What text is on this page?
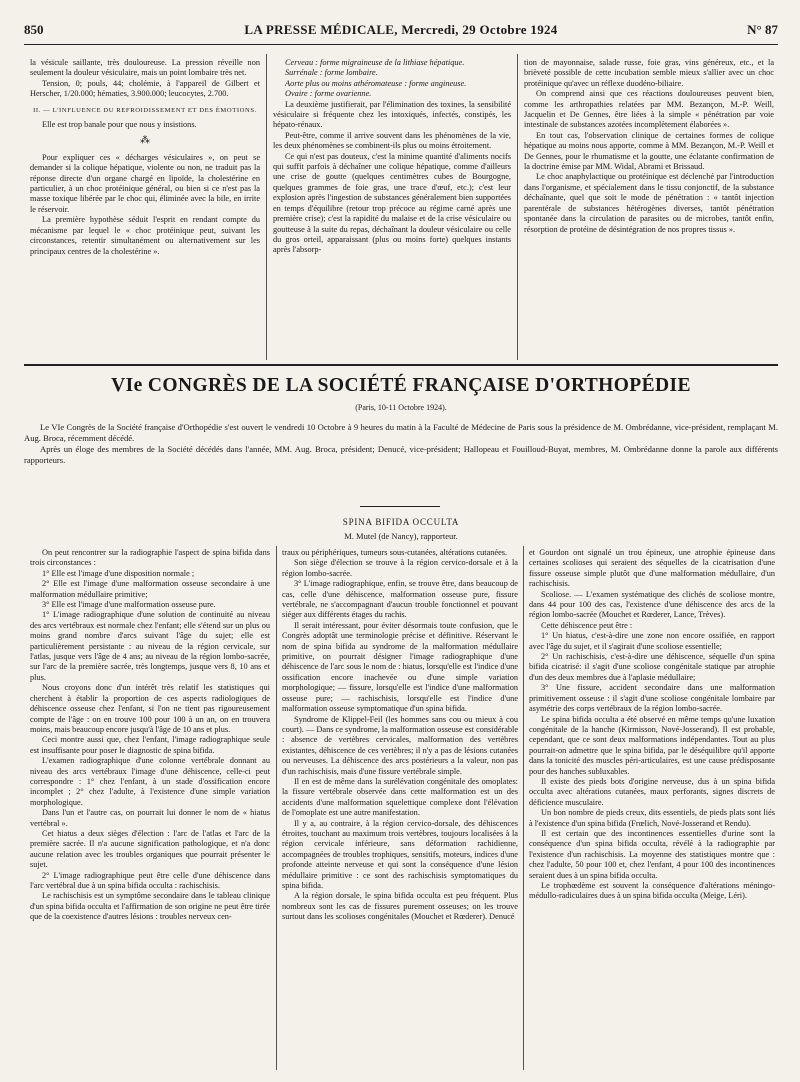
850	LA PRESSE MÉDICALE, Mercredi, 29 Octobre 1924	N° 87

la vésicule saillante, très douloureuse. La pression réveille non seulement la douleur vésiculaire, mais un point lombaire très net.

Tension, 0; pouls, 44; cholémie, à l'appareil de Gilbert et Herscher, 1/20.000; hématies, 3.900.000; leucocytes, 2.700.

II. — L'INFLUENCE DU REFROIDISSEMENT ET DES ÉMOTIONS.

Elle est trop banale pour que nous y insistions.

⁂

Pour expliquer ces « décharges vésiculaires », on peut se demander si la colique hépatique, violente ou non, ne traduit pas la réponse directe d'un organe chargé en lipoïde, la cholestérine en particulier, à un choc protéinique général, ou bien si ce n'est pas la masse toxique libérée par le choc qui, éliminée avec la bile, en irrite le réservoir.

La première hypothèse séduit l'esprit en rendant compte du mécanisme par lequel le « choc protéinique peut, suivant les circonstances, retentir simultanément ou alternativement sur les principaux centres de la cholestérine ».

Cerveau : forme migraineuse de la lithiase hépatique.

Surrénale : forme lombaire.

Aorte plus ou moins athéromateuse : forme angineuse.

Ovaire : forme ovarienne.

La deuxième justifierait, par l'élimination des toxines, la sensibilité vésiculaire si fréquente chez les intoxiqués, infectés, constipés, les hépato-rénaux.

Peut-être, comme il arrive souvent dans les phénomènes de la vie, les deux phénomènes se combinent-ils plus ou moins étroitement.

Ce qui n'est pas douteux, c'est la minime quantité d'aliments nocifs qui suffit parfois à déchaîner une colique hépatique, comme d'ailleurs une crise de goutte (quelques centimètres cubes de Bourgogne, quelques grammes de foie gras, une trace d'œuf, etc.); c'est leur explosion après l'ingestion de substances généralement bien supportées en temps d'équilibre (retour trop précoce au régime carné après une première crise); c'est la rapidité du malaise et de la crise vésiculaire ou goutteuse à la suite du repas, déchaînant la douleur vésiculaire ou celle du gros orteil, apparaissant (plus ou moins forte) quelques instants après l'absorp-

tion de mayonnaise, salade russe, foie gras, vins généreux, etc., et la brièveté possible de cette incubation semble mieux s'allier avec un choc protéinique qu'avec un réflexe duodéno-biliaire.

On comprend ainsi que ces réactions douloureuses peuvent bien, comme les arthropathies relatées par MM. Bezançon, M.-P. Weill, Jacquelin et De Gennes, être liées à la simple « pénétration par voie intestinale de substances azotées incomplètement élaborées ».

En tout cas, l'observation clinique de certaines formes de colique hépatique au moins nous apporte, comme à MM. Bezançon, M.-P. Weill et De Gennes, pour le rhumatisme et la goutte, une éclatante confirmation de la doctrine émise par MM. Widal, Abrami et Brissaud.

Le choc anaphylactique ou protéinique est déclenché par l'introduction dans l'organisme, et spécialement dans le tissu conjonctif, de la substance déchaînante, quel que soit le mode de pénétration : « tantôt injection parentérale de substances hétérogènes diverses, tantôt pénétration spontanée dans la circulation de parasites ou de microbes, tantôt enfin, résorption de protéine de désintégration de nos propres tissus ».

VIe CONGRÈS DE LA SOCIÉTÉ FRANÇAISE D'ORTHOPÉDIE
(Paris, 10-11 Octobre 1924).

Le VIe Congrès de la Société française d'Orthopédie s'est ouvert le vendredi 10 Octobre à 9 heures du matin à la Faculté de Médecine de Paris sous la présidence de M. Ombrédanne, vice-président, remplaçant M. Aug. Broca, récemment décédé.

Après un éloge des membres de la Société décédés dans l'année, MM. Aug. Broca, président; Denucé, vice-président; Hallopeau et Fouilloud-Buyat, membres, M. Ombrédanne donne la parole aux différents rapporteurs.

SPINA BIFIDA OCCULTA
M. Mutel (de Nancy), rapporteur.

On peut rencontrer sur la radiographie l'aspect de spina bifida dans trois circonstances :

1° Elle est l'image d'une disposition normale ;

2° Elle est l'image d'une malformation osseuse secondaire à une malformation médullaire primitive;

3° Elle est l'image d'une malformation osseuse pure.

1° L'image radiographique d'une solution de continuité au niveau des arcs vertébraux est normale chez l'enfant; elle s'étend sur un plus ou moins grand nombre d'arcs suivant l'âge du sujet; elle est particulièrement persistante : au niveau de la région cervicale, sur l'atlas, jusque vers l'âge de 4 ans; au niveau de la région lombo-sacrée, sur l'arc de la première sacrée, très longtemps, jusque vers 8, 10 ans et plus.

Nous croyons donc d'un intérêt très relatif les statistiques qui cherchent à établir la proportion de ces aspects radiologiques de déhiscence osseuse chez l'enfant, si l'on ne tient pas rigoureusement compte de l'âge : on en trouve 100 pour 100 à un an, on en trouvera moins, mais beaucoup encore jusqu'à l'âge de 10 ans et plus.

Ceci montre aussi que, chez l'enfant, l'image radiographique seule est insuffisante pour poser le diagnostic de spina bifida.

L'examen radiographique d'une colonne vertébrale donnant au niveau des arcs vertébraux l'image d'une déhiscence, celle-ci peut correspondre : 1° chez l'enfant, à un stade d'ossification encore incomplet ; 2° chez l'adulte, à l'existence d'une simple variation morphologique.

Dans l'un et l'autre cas, on pourrait lui donner le nom de « hiatus vertébral ».

Cet hiatus a deux sièges d'élection : l'arc de l'atlas et l'arc de la première sacrée. Il n'a aucune signification pathologique, et n'a donc aucune relation avec les troubles organiques que pourrait présenter le sujet.

2° L'image radiographique peut être celle d'une déhiscence dans l'arc vertébral due à un spina bifida occulta : rachischisis.

Le rachischisis est un symptôme secondaire dans le tableau clinique d'un spina bifida occulta et l'affirmation de son origine ne peut être tirée que de la coexistence d'autres lésions : troubles nerveux cen-

traux ou périphériques, tumeurs sous-cutanées, altérations cutanées.

Son siège d'élection se trouve à la région cervico-dorsale et à la région lombo-sacrée.

3° L'image radiographique, enfin, se trouve être, dans beaucoup de cas, celle d'une déhiscence, malformation osseuse pure, fissure vertébrale, ne s'accompagnant d'aucun trouble fonctionnel et pouvant siéger aux différents étages du rachis.

Il serait intéressant, pour éviter désormais toute confusion, que le Congrès adoptât une terminologie précise et définitive. Réservant le nom de spina bifida au syndrome de la malformation médullaire primitive, on pourrait désigner l'image radiographique d'une déhiscence de l'arc sous le nom de : hiatus, lorsqu'elle est l'indice d'une ossification encore inachevée ou d'une simple variation morphologique; — fissure, lorsqu'elle est l'indice d'une malformation osseuse pure; — rachischisis, lorsqu'elle est l'indice d'une malformation osseuse symptomatique d'un spina bifida.

Syndrome de Klippel-Feil (les hommes sans cou ou mieux à cou court). — Dans ce syndrome, la malformation osseuse est considérable : absence de vertèbres cervicales, malformation des vertèbres existantes, déhiscence de ces vertèbres; il n'y a pas de lésions cutanées ou nerveuses. La déhiscence des arcs postérieurs a la valeur, non pas d'un rachischisis, mais d'une fissure vertébrale simple.

Il en est de même dans la surélévation congénitale des omoplates: la fissure vertébrale observée dans cette malformation est un des accidents d'une malformation squelettique complexe dont l'élévation de l'omoplate est une autre manifestation.

Il y a, au contraire, à la région cervico-dorsale, des déhiscences étroites, touchant au maximum trois vertèbres, toujours localisées à la région cervicale inférieure, sans déformation rachidienne, accompagnées de troubles trophiques, sensitifs, moteurs, indices d'une profonde atteinte nerveuse et qui sont la conséquence d'une lésion médullaire primitive : ce sont des rachischisis symptomatiques du spina bifida.

A la région dorsale, le spina bifida occulta est peu fréquent. Plus nombreux sont les cas de fissures purement osseuses; on les trouve surtout dans les scolioses congénitales (Mouchet et Rœderer). Denucé

et Gourdon ont signalé un trou épineux, une atrophie épineuse dans certaines scolioses qui seraient des séquelles de la cicatrisation d'une fissure osseuse simple plutôt que d'une malformation médullaire, d'un rachischisis.

Scoliose. — L'examen systématique des clichés de scoliose montre, dans 44 pour 100 des cas, l'existence d'une déhiscence des arcs de la région lombo-sacrée (Mouchet et Rœderer, Lance, Trèves).

Cette déhiscence peut être :

1° Un hiatus, c'est-à-dire une zone non encore ossifiée, en rapport avec l'âge du sujet, et il s'agirait d'une scoliose essentielle;

2° Un rachischisis, c'est-à-dire une déhiscence, séquelle d'un spina bifida cicatrisé: il s'agit d'une scoliose congénitale statique par atrophie d'un des deux membres due à l'aplasie médullaire;

3° Une fissure, accident secondaire dans une malformation primitivement osseuse : il s'agit d'une scoliose congénitale lombaire par asymétrie des corps vertébraux de la région lombo-sacrée.

Le spina bifida occulta a été observé en même temps qu'une luxation congénitale de la hanche (Kirmisson, Nové-Josserand). Il est probable, cependant, que ce sont deux malformations indépendantes. Tout au plus pourrait-on admettre que le spina bifida, par le déséquilibre qu'il apporte dans la tonicité des muscles péri-articulaires, est une cause prédisposante pour des hanches subluxables.

Il existe des pieds bots d'origine nerveuse, dus à un spina bifida occulta avec altérations cutanées, maux perforants, signes discrets de déficience musculaire.

Un bon nombre de pieds creux, dits essentiels, de pieds plats sont liés à l'existence d'un spina bifida (Frœlich, Nové-Josserand et Rendu).

Il est certain que des incontinences essentielles d'urine sont la conséquence d'un spina bifida occulta, révélé à la radiographie par l'existence d'un rachischisis. La moyenne des statistiques montre que : chez l'adulte, 50 pour 100 et, chez l'enfant, 4 pour 100 des incontinences seraient dues à un spina bifida occulta.

Le trophœdème est souvent la conséquence d'altérations méningo-médullo-radiculaires dues à un spina bifida occulta (Meige, Léri).
